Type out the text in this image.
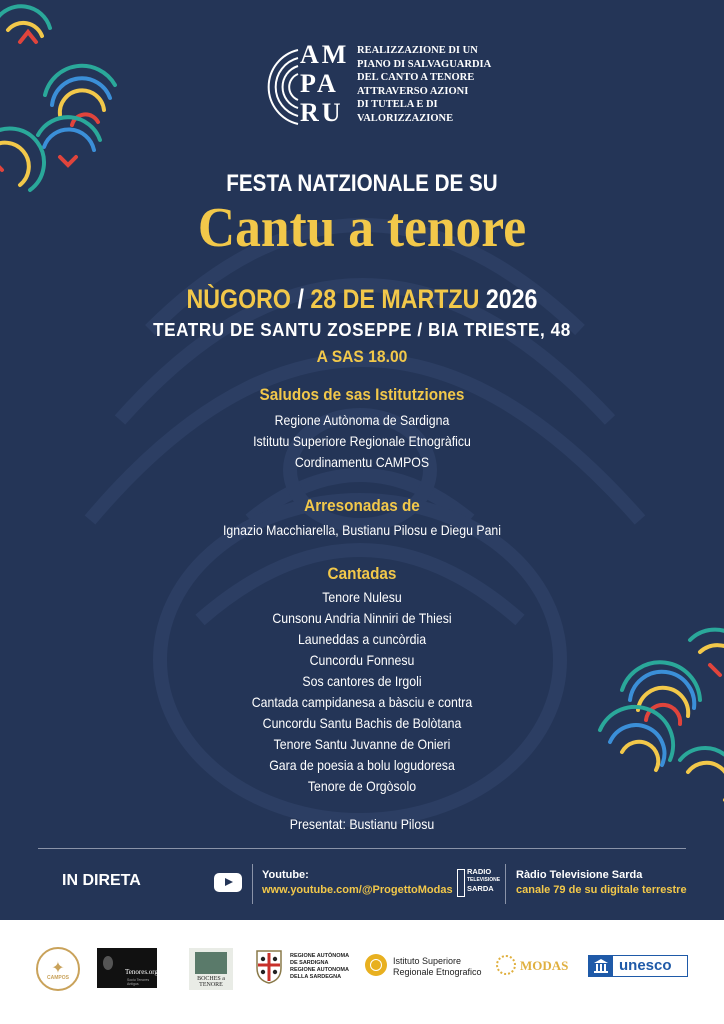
AM
PA
RU
REALIZZAZIONE DI UN
PIANO DI SALVAGUARDIA
DEL CANTO A TENORE
ATTRAVERSO AZIONI
DI TUTELA E DI
VALORIZZAZIONE
FESTA NATZIONALE DE SU
Cantu a tenore
NÙGORO / 28 DE MARTZU 2026
TEATRU DE SANTU ZOSEPPE / BIA TRIESTE, 48
A SAS 18.00
Saludos de sas Istitutziones
Regione Autònoma de Sardigna
Istitutu Superiore Regionale Etnogràficu
Cordinamentu CAMPOS
Arresonadas de
Ignazio Macchiarella, Bustianu Pilosu e Diegu Pani
Cantadas
Tenore Nulesu
Cunsonu Andria Ninniri de Thiesi
Launeddas a cuncòrdia
Cuncordu Fonnesu
Sos cantores de Irgoli
Cantada campidanesa a bàsciu e contra
Cuncordu Santu Bachis de Bolòtana
Tenore Santu Juvanne de Onieri
Gara de poesia a bolu logudoresa
Tenore de Orgòsolo
Presentat: Bustianu Pilosu
IN DIRETA	Youtube:
www.youtube.com/@ProgettoModas
RADIO
TELEVISIONE
SARDA
Ràdio Televisione Sarda
canale 79 de su digitale terrestre
✦
CAMPOS
Tenores.org
Sociu Tenores Antigus
BOCHES a TENORE
REGIONE AUTÒNOMA
DE SARDIGNA
REGIONE AUTONOMA
DELLA SARDEGNA
Istituto Superiore
Regionale Etnografico	MODAS	unesco
